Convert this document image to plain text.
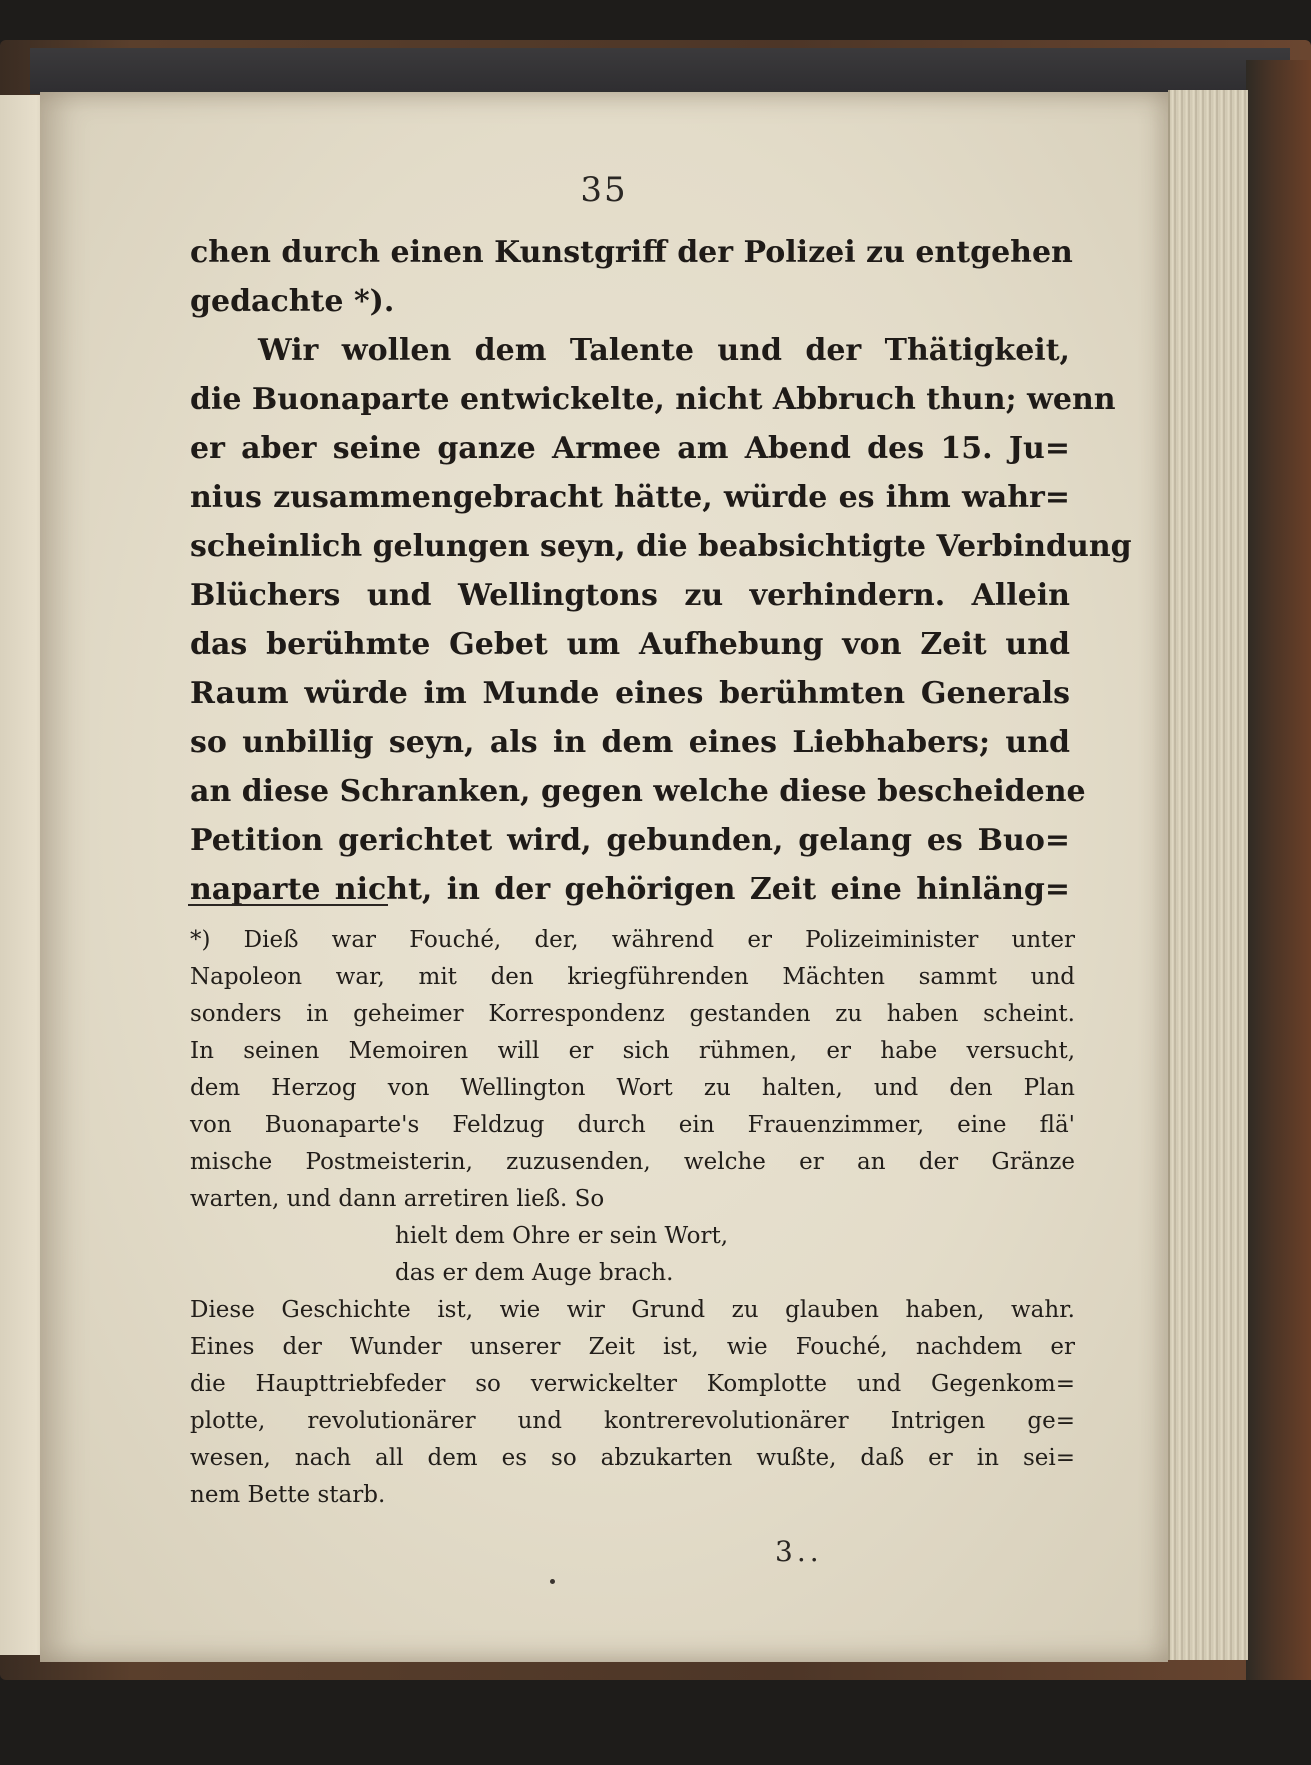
35
chen durch einen Kunstgriff der Polizei zu entgehen
gedachte *).
Wir wollen dem Talente und der Thätigkeit,
die Buonaparte entwickelte, nicht Abbruch thun; wenn
er aber seine ganze Armee am Abend des 15. Ju=
nius zusammengebracht hätte, würde es ihm wahr=
scheinlich gelungen seyn, die beabsichtigte Verbindung
Blüchers und Wellingtons zu verhindern. Allein
das berühmte Gebet um Aufhebung von Zeit und
Raum würde im Munde eines berühmten Generals
so unbillig seyn, als in dem eines Liebhabers; und
an diese Schranken, gegen welche diese bescheidene
Petition gerichtet wird, gebunden, gelang es Buo=
naparte nicht, in der gehörigen Zeit eine hinläng=
*) Dieß war Fouché, der, während er Polizeiminister unter
Napoleon war, mit den kriegführenden Mächten sammt und
sonders in geheimer Korrespondenz gestanden zu haben scheint.
In seinen Memoiren will er sich rühmen, er habe versucht,
dem Herzog von Wellington Wort zu halten, und den Plan
von Buonaparte's Feldzug durch ein Frauenzimmer, eine flä'
mische Postmeisterin, zuzusenden, welche er an der Gränze
warten, und dann arretiren ließ. So
hielt dem Ohre er sein Wort,
das er dem Auge brach.
Diese Geschichte ist, wie wir Grund zu glauben haben, wahr.
Eines der Wunder unserer Zeit ist, wie Fouché, nachdem er
die Haupttriebfeder so verwickelter Komplotte und Gegenkom=
plotte, revolutionärer und kontrerevolutionärer Intrigen ge=
wesen, nach all dem es so abzukarten wußte, daß er in sei=
nem Bette starb.
3..
